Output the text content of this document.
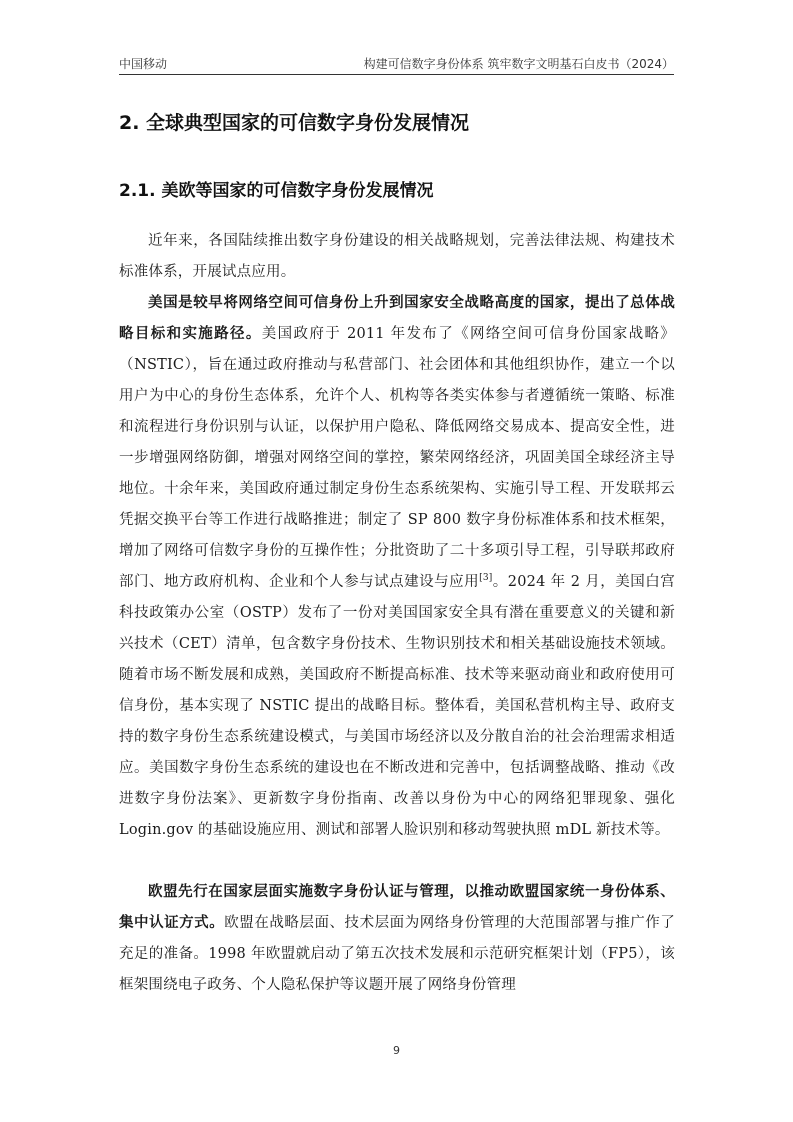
中国移动	构建可信数字身份体系 筑牢数字文明基石白皮书（2024）
2. 全球典型国家的可信数字身份发展情况
2.1. 美欧等国家的可信数字身份发展情况

近年来，各国陆续推出数字身份建设的相关战略规划，完善法律法规、构建技术标准体系，开展试点应用。

美国是较早将网络空间可信身份上升到国家安全战略高度的国家，提出了总体战略目标和实施路径。美国政府于 2011 年发布了《网络空间可信身份国家战略》（NSTIC），旨在通过政府推动与私营部门、社会团体和其他组织协作，建立一个以用户为中心的身份生态体系，允许个人、机构等各类实体参与者遵循统一策略、标准和流程进行身份识别与认证，以保护用户隐私、降低网络交易成本、提高安全性，进一步增强网络防御，增强对网络空间的掌控，繁荣网络经济，巩固美国全球经济主导地位。十余年来，美国政府通过制定身份生态系统架构、实施引导工程、开发联邦云凭据交换平台等工作进行战略推进；制定了 SP 800 数字身份标准体系和技术框架，增加了网络可信数字身份的互操作性；分批资助了二十多项引导工程，引导联邦政府部门、地方政府机构、企业和个人参与试点建设与应用[3]。2024 年 2 月，美国白宫科技政策办公室（OSTP）发布了一份对美国国家安全具有潜在重要意义的关键和新兴技术（CET）清单，包含数字身份技术、生物识别技术和相关基础设施技术领域。随着市场不断发展和成熟，美国政府不断提高标准、技术等来驱动商业和政府使用可信身份，基本实现了 NSTIC 提出的战略目标。整体看，美国私营机构主导、政府支持的数字身份生态系统建设模式，与美国市场经济以及分散自治的社会治理需求相适应。美国数字身份生态系统的建设也在不断改进和完善中，包括调整战略、推动《改进数字身份法案》、更新数字身份指南、改善以身份为中心的网络犯罪现象、强化 Login.gov 的基础设施应用、测试和部署人脸识别和移动驾驶执照 mDL 新技术等。

欧盟先行在国家层面实施数字身份认证与管理，以推动欧盟国家统一身份体系、集中认证方式。欧盟在战略层面、技术层面为网络身份管理的大范围部署与推广作了充足的准备。1998 年欧盟就启动了第五次技术发展和示范研究框架计划（FP5），该框架围绕电子政务、个人隐私保护等议题开展了网络身份管理

9
